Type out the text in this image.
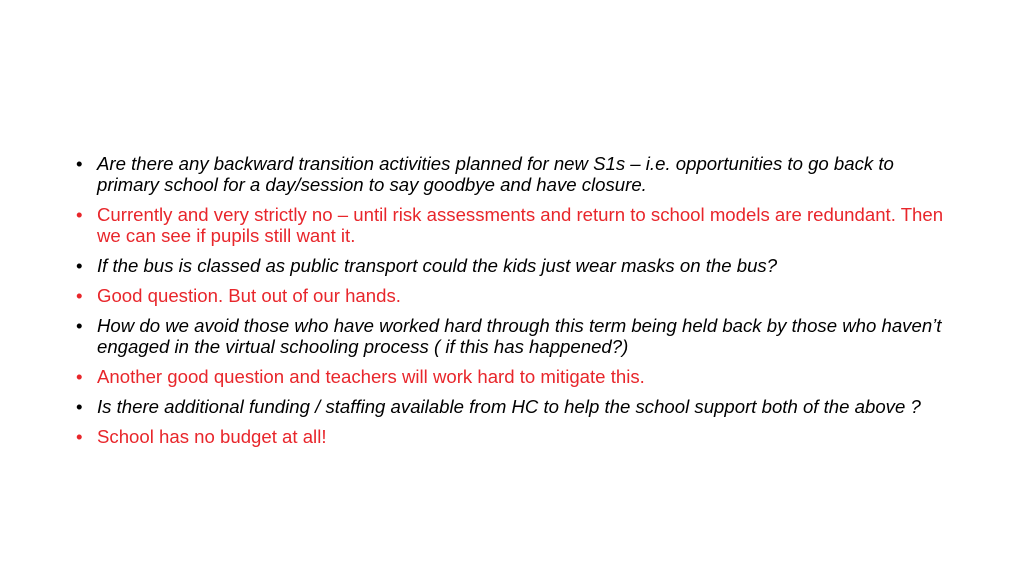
• Are there any backward transition activities planned for new S1s – i.e. opportunities to go back to primary school for a day/session to say goodbye and have closure.
• Currently and very strictly no – until risk assessments and return to school models are redundant. Then we can see if pupils still want it.
• If the bus is classed as public transport could the kids just wear masks on the bus?
• Good question. But out of our hands.
• How do we avoid those who have worked hard through this term being held back by those who haven’t engaged in the virtual schooling process ( if this has happened?)
• Another good question and teachers will work hard to mitigate this.
• Is there additional funding / staffing available from HC to help the school support both of the above ?
• School has no budget at all!
